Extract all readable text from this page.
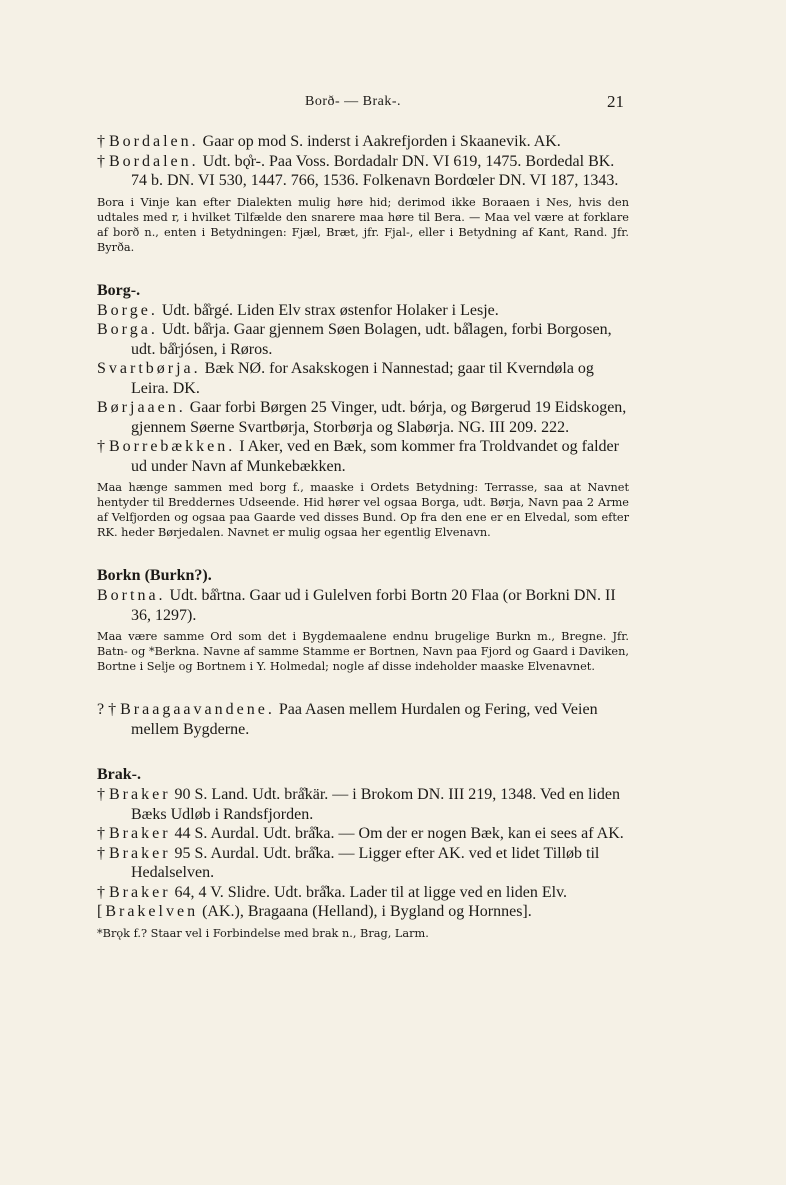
Borð- — Brak-.	21

† Bordalen. Gaar op mod S. inderst i Aakrefjorden i Skaanevik. AK.

† Bordalen. Udt. bǫ̊r-. Paa Voss. Bordadalr DN. VI 619, 1475. Bordedal BK. 74 b. DN. VI 530, 1447. 766, 1536. Folkenavn Bordœler DN. VI 187, 1343.

Bora i Vinje kan efter Dialekten mulig høre hid; derimod ikke Boraaen i Nes, hvis den udtales med r, i hvilket Tilfælde den snarere maa høre til Bera. — Maa vel være at forklare af borð n., enten i Betydningen: Fjæl, Bræt, jfr. Fjal-, eller i Betydning af Kant, Rand. Jfr. Byrða.

Borg-.

Borge. Udt. bå̊rgé. Liden Elv strax østenfor Holaker i Lesje.

Borga. Udt. bå̊rja. Gaar gjennem Søen Bolagen, udt. bå̊lagen, forbi Borgosen, udt. bå̊rjósen, i Røros.

Svartbørja. Bæk NØ. for Asakskogen i Nannestad; gaar til Kverndøla og Leira. DK.

Børjaaen. Gaar forbi Børgen 25 Vinger, udt. bǿrja, og Børgerud 19 Eidskogen, gjennem Søerne Svartbørja, Storbørja og Slabørja. NG. III 209. 222.

† Borrebækken. I Aker, ved en Bæk, som kommer fra Troldvandet og falder ud under Navn af Munkebækken.

Maa hænge sammen med borg f., maaske i Ordets Betydning: Terrasse, saa at Navnet hentyder til Breddernes Udseende. Hid hører vel ogsaa Borga, udt. Børja, Navn paa 2 Arme af Velfjorden og ogsaa paa Gaarde ved disses Bund. Op fra den ene er en Elvedal, som efter RK. heder Børjedalen. Navnet er mulig ogsaa her egentlig Elvenavn.

Borkn (Burkn?).

Bortna. Udt. bå̊rtna. Gaar ud i Gulelven forbi Bortn 20 Flaa (or Borkni DN. II 36, 1297).

Maa være samme Ord som det i Bygdemaalene endnu brugelige Burkn m., Bregne. Jfr. Batn- og *Berkna. Navne af samme Stamme er Bortnen, Navn paa Fjord og Gaard i Daviken, Bortne i Selje og Bortnem i Y. Holmedal; nogle af disse indeholder maaske Elvenavnet.

? † Braagaavandene. Paa Aasen mellem Hurdalen og Fering, ved Veien mellem Bygderne.

Brak-.

† Braker 90 S. Land. Udt. brå̊kär. — i Brokom DN. III 219, 1348. Ved en liden Bæks Udløb i Randsfjorden.

† Braker 44 S. Aurdal. Udt. brå̊ka. — Om der er nogen Bæk, kan ei sees af AK.

† Braker 95 S. Aurdal. Udt. brå̊ka. — Ligger efter AK. ved et lidet Tilløb til Hedalselven.

† Braker 64, 4 V. Slidre. Udt. brå̊ka. Lader til at ligge ved en liden Elv.

[Brakelven (AK.), Bragaana (Helland), i Bygland og Hornnes].

*Brǫk f.? Staar vel i Forbindelse med brak n., Brag, Larm.
